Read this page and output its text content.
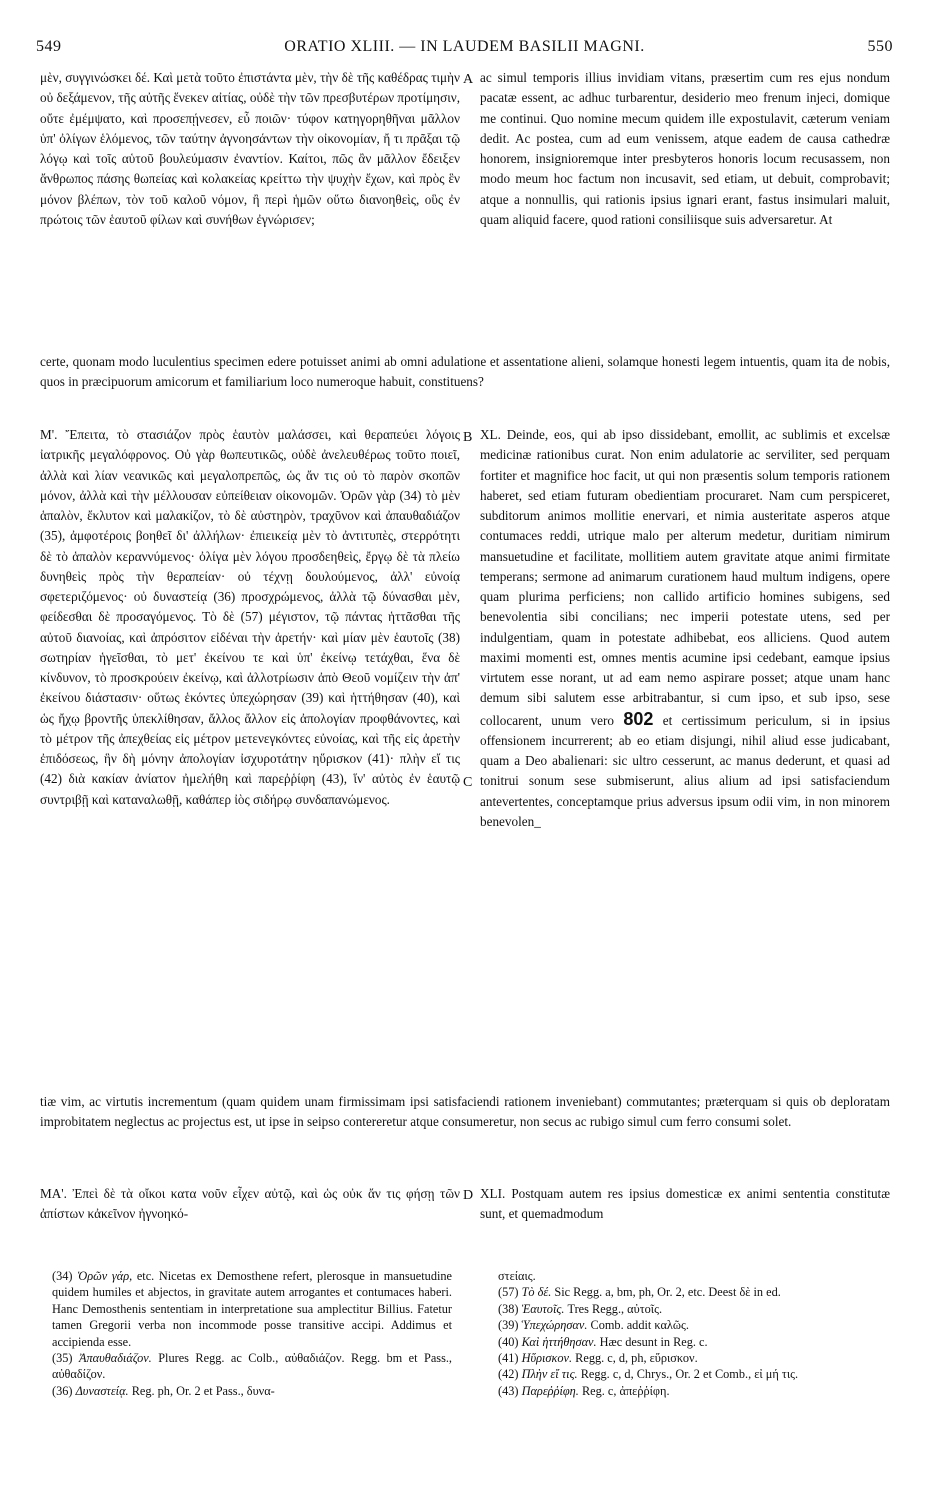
549	ORATIO XLIII. — IN LAUDEM BASILII MAGNI.	550

μὲν, συγγινώσκει δέ. Καὶ μετὰ τοῦτο ἐπιστάντα μὲν, τὴν δὲ τῆς καθέδρας τιμὴν οὐ δεξάμενον, τῆς αὐτῆς ἕνεκεν αἰτίας, οὐδὲ τὴν τῶν πρεσβυτέρων προτίμησιν, οὔτε ἐμέμψατο, καὶ προσεπῄνεσεν, εὖ ποιῶν· τύφον κατηγορηθῆναι μᾶλλον ὑπ' ὀλίγων ἑλόμενος, τῶν ταύτην ἀγνοησάντων τὴν οἰκονομίαν, ἤ τι πρᾶξαι τῷ λόγῳ καὶ τοῖς αὑτοῦ βουλεύμασιν ἐναντίον. Καίτοι, πῶς ἂν μᾶλλον ἔδειξεν ἄνθρωπος πάσης θωπείας καὶ κολακείας κρείττω τὴν ψυχὴν ἔχων, καὶ πρὸς ἓν μόνον βλέπων, τὸν τοῦ καλοῦ νόμον, ἢ περὶ ἡμῶν οὕτω διανοηθεὶς, οὓς ἐν πρώτοις τῶν ἑαυτοῦ φίλων καὶ συνήθων ἐγνώρισεν;

A ac simul temporis illius invidiam vitans, præsertim cum res ejus nondum pacatæ essent, ac adhuc turbarentur, desiderio meo frenum injeci, domique me continui. Quo nomine mecum quidem ille expostulavit, cæterum veniam dedit. Ac postea, cum ad eum venissem, atque eadem de causa cathedræ honorem, insignioremque inter presbyteros honoris locum recusassem, non modo meum hoc factum non incusavit, sed etiam, ut debuit, comprobavit; atque a nonnullis, qui rationis ipsius ignari erant, fastus insimulari maluit, quam aliquid facere, quod rationi consiliisque suis adversaretur. At

certe, quonam modo luculentius specimen edere potuisset animi ab omni adulatione et assentatione alieni, solamque honesti legem intuentis, quam ita de nobis, quos in præcipuorum amicorum et familiarium loco numeroque habuit, constituens?

Μ'. Ἔπειτα, τὸ στασιάζον πρὸς ἑαυτὸν μαλάσσει, καὶ θεραπεύει λόγοις ἰατρικῆς μεγαλόφρονος. Οὐ γὰρ θωπευτικῶς, οὐδὲ ἀνελευθέρως τοῦτο ποιεῖ, ἀλλὰ καὶ λίαν νεανικῶς καὶ μεγαλοπρεπῶς, ὡς ἄν τις οὐ τὸ παρὸν σκοπῶν μόνον, ἀλλὰ καὶ τὴν μέλλουσαν εὐπείθειαν οἰκονομῶν. Ὁρῶν γὰρ (34) τὸ μὲν ἁπαλὸν, ἔκλυτον καὶ μαλακίζον, τὸ δὲ αὐστηρὸν, τραχῦνον καὶ ἀπαυθαδιάζον (35), ἀμφοτέροις βοηθεῖ δι' ἀλλήλων· ἐπιεικείᾳ μὲν τὸ ἀντιτυπὲς, στερρότητι δὲ τὸ ἁπαλὸν κεραννύμενος· ὀλίγα μὲν λόγου προσδεηθεὶς, ἔργῳ δὲ τὰ πλείω δυνηθεὶς πρὸς τὴν θεραπείαν· οὐ τέχνῃ δουλούμενος, ἀλλ' εὐνοίᾳ σφετεριζόμενος· οὐ δυναστείᾳ (36) προσχρώμενος, ἀλλὰ τῷ δύνασθαι μὲν, φείδεσθαι δὲ προσαγόμενος. Τὸ δὲ (57) μέγιστον, τῷ πάντας ἡττᾶσθαι τῆς αὐτοῦ διανοίας, καὶ ἀπρόσιτον εἰδέναι τὴν ἀρετήν· καὶ μίαν μὲν ἑαυτοῖς (38) σωτηρίαν ἡγεῖσθαι, τὸ μετ' ἐκείνου τε καὶ ὑπ' ἐκείνῳ τετάχθαι, ἕνα δὲ κίνδυνον, τὸ προσκρούειν ἐκείνῳ, καὶ ἀλλοτρίωσιν ἀπὸ Θεοῦ νομίζειν τὴν ἀπ' ἐκείνου διάστασιν· οὕτως ἑκόντες ὑπεχώρησαν (39) καὶ ἡττήθησαν (40), καὶ ὡς ἤχῳ βροντῆς ὑπεκλίθησαν, ἄλλος ἄλλον εἰς ἀπολογίαν προφθάνοντες, καὶ τὸ μέτρον τῆς ἀπεχθείας εἰς μέτρον μετενεγκόντες εὐνοίας, καὶ τῆς εἰς ἀρετὴν ἐπιδόσεως, ἣν δὴ μόνην ἀπολογίαν ἰσχυροτάτην ηὕρισκον (41)· πλὴν εἴ τις (42) διὰ κακίαν ἀνίατον ἠμελήθη καὶ παρεῤῥίφη (43), ἵν' αὐτὸς ἐν ἑαυτῷ συντριβῇ καὶ καταναλωθῇ, καθάπερ ἰὸς σιδήρῳ συνδαπανώμενος.

B
C

XL. Deinde, eos, qui ab ipso dissidebant, emollit, ac sublimis et excelsæ medicinæ rationibus curat. Non enim adulatorie ac serviliter, sed perquam fortiter et magnifice hoc facit, ut qui non præsentis solum temporis rationem haberet, sed etiam futuram obedientiam procuraret. Nam cum perspiceret, subditorum animos mollitie enervari, et nimia austeritate asperos atque contumaces reddi, utrique malo per alterum medetur, duritiam nimirum mansuetudine et facilitate, mollitiem autem gravitate atque animi firmitate temperans; sermone ad animarum curationem haud multum indigens, opere quam plurima perficiens; non callido artificio homines subigens, sed benevolentia sibi concilians; nec imperii potestate utens, sed per indulgentiam, quam in potestate adhibebat, eos alliciens. Quod autem maximi momenti est, omnes mentis acumine ipsi cedebant, eamque ipsius virtutem esse norant, ut ad eam nemo aspirare posset; atque unam hanc demum sibi salutem esse arbitrabantur, si cum ipso, et sub ipso, sese collocarent, unum vero 802 et certissimum periculum, si in ipsius offensionem incurrerent; ab eo etiam disjungi, nihil aliud esse judicabant, quam a Deo abalienari: sic ultro cesserunt, ac manus dederunt, et quasi ad tonitrui sonum sese submiserunt, alius alium ad ipsi satisfaciendum antevertentes, conceptamque prius adversus ipsum odii vim, in non minorem benevolen_

tiæ vim, ac virtutis incrementum (quam quidem unam firmissimam ipsi satisfaciendi rationem inveniebant) commutantes; præterquam si quis ob deploratam improbitatem neglectus ac projectus est, ut ipse in seipso contereretur atque consumeretur, non secus ac rubigo simul cum ferro consumi solet.

ΜΑ'. Ἐπεὶ δὲ τὰ οἴκοι κατα νοῦν εἶχεν αὐτῷ, καὶ ὡς οὐκ ἄν τις φήσῃ τῶν ἀπίστων κἀκεῖνον ἠγνοηκό-

D XLI. Postquam autem res ipsius domesticæ ex animi sententia constitutæ sunt, et quemadmodum

(34) Ὁρῶν γάρ, etc. Nicetas ex Demosthene refert, plerosque in mansuetudine quidem humiles et abjectos, in gravitate autem arrogantes et contumaces haberi. Hanc Demosthenis sententiam in interpretatione sua amplectitur Billius. Fatetur tamen Gregorii verba non incommode posse transitive accipi. Addimus et accipienda esse.

(35) Ἀπαυθαδιάζον. Plures Regg. ac Colb., αὐθαδιάζον. Regg. bm et Pass., αὐθαδίζον.

(36) Δυναστείᾳ. Reg. ph, Or. 2 et Pass., δυνα-

στείαις.

(57) Τὸ δέ. Sic Regg. a, bm, ph, Or. 2, etc. Deest δὲ in ed.

(38) Ἑαυτοῖς. Tres Regg., αὐτοῖς.

(39) Ὑπεχώρησαν. Comb. addit καλῶς.

(40) Καὶ ἡττήθησαν. Hæc desunt in Reg. c.

(41) Ηὕρισκον. Regg. c, d, ph, εὕρισκον.

(42) Πλὴν εἴ τις. Regg. c, d, Chrys., Or. 2 et Comb., εἰ μή τις.

(43) Παρεῤῥίφη. Reg. c, ἀπεῤῥίφη.
